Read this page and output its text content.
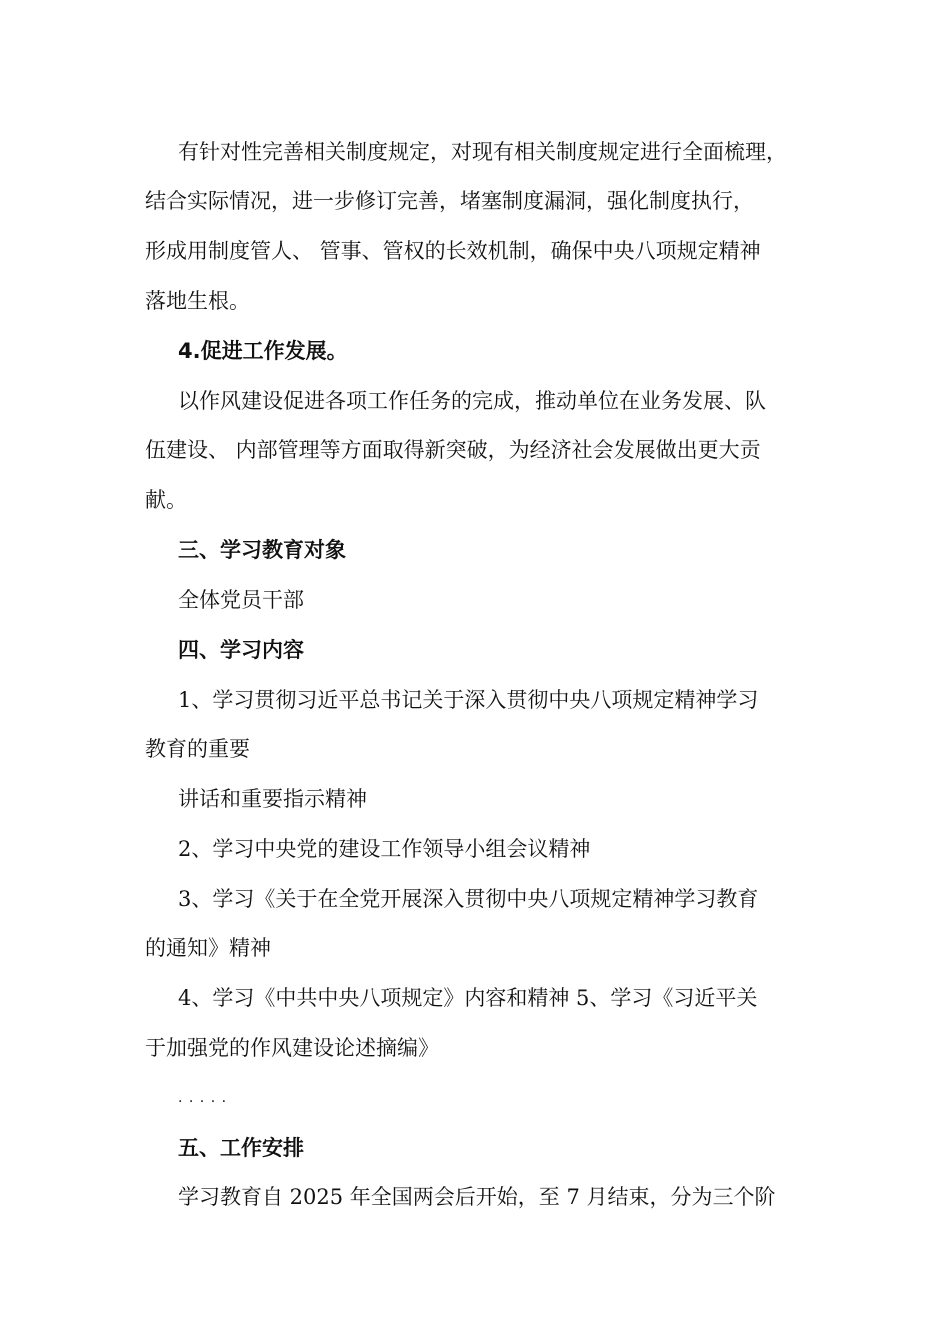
有针对性完善相关制度规定，对现有相关制度规定进行全面梳理，
结合实际情况，进一步修订完善，堵塞制度漏洞，强化制度执行，
形成用制度管人、 管事、管权的长效机制，确保中央八项规定精神
落地生根。
4.促进工作发展。
以作风建设促进各项工作任务的完成，推动单位在业务发展、队
伍建设、 内部管理等方面取得新突破，为经济社会发展做出更大贡
献。
三、学习教育对象
全体党员干部
四、学习内容
1、学习贯彻习近平总书记关于深入贯彻中央八项规定精神学习
教育的重要
讲话和重要指示精神
2、学习中央党的建设工作领导小组会议精神
3、学习《关于在全党开展深入贯彻中央八项规定精神学习教育
的通知》精神
4、学习《中共中央八项规定》内容和精神 5、学习《习近平关
于加强党的作风建设论述摘编》
. . . . .
五、工作安排
学习教育自 2025 年全国两会后开始，至 7 月结束，分为三个阶
